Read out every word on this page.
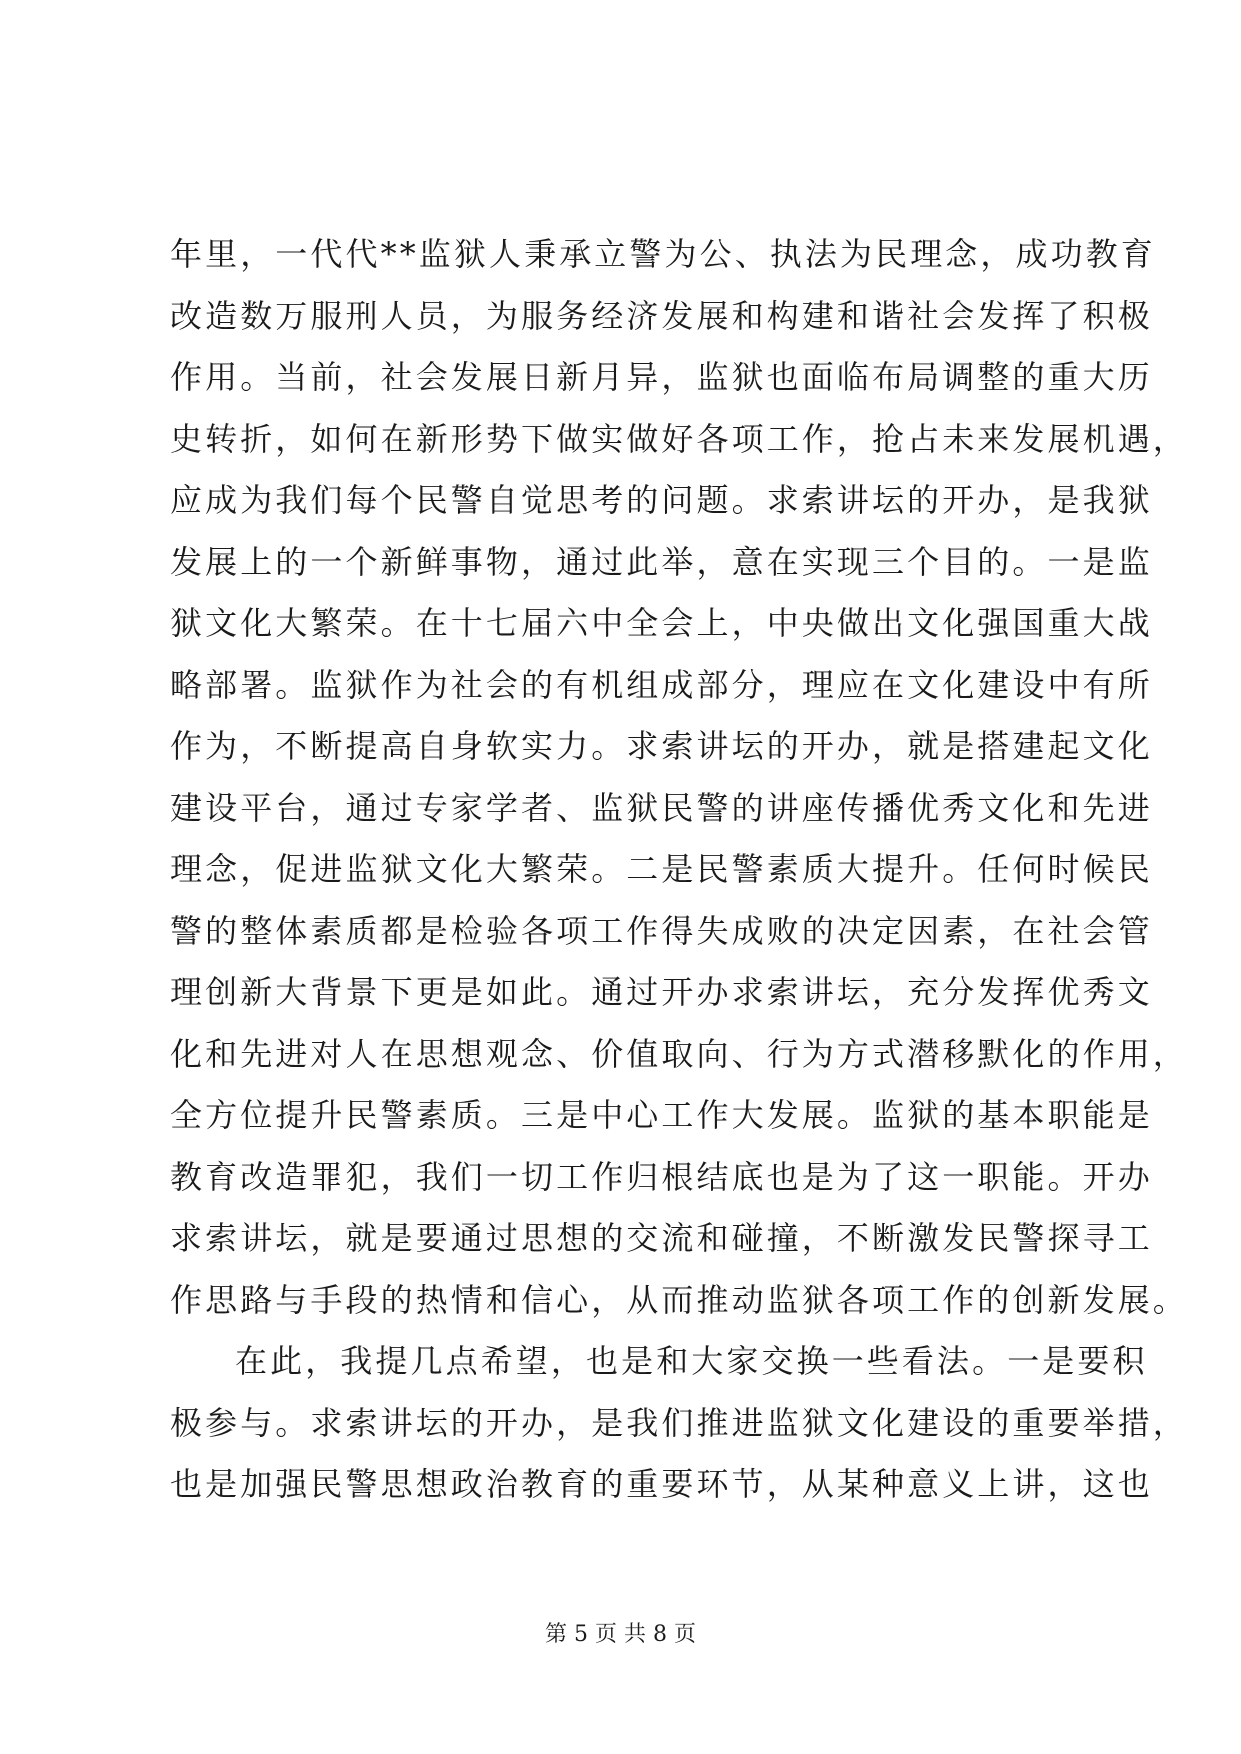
年里，一代代**监狱人秉承立警为公、执法为民理念，成功教育
改造数万服刑人员，为服务经济发展和构建和谐社会发挥了积极
作用。当前，社会发展日新月异，监狱也面临布局调整的重大历
史转折，如何在新形势下做实做好各项工作，抢占未来发展机遇，
应成为我们每个民警自觉思考的问题。求索讲坛的开办，是我狱
发展上的一个新鲜事物，通过此举，意在实现三个目的。一是监
狱文化大繁荣。在十七届六中全会上，中央做出文化强国重大战
略部署。监狱作为社会的有机组成部分，理应在文化建设中有所
作为，不断提高自身软实力。求索讲坛的开办，就是搭建起文化
建设平台，通过专家学者、监狱民警的讲座传播优秀文化和先进
理念，促进监狱文化大繁荣。二是民警素质大提升。任何时候民
警的整体素质都是检验各项工作得失成败的决定因素，在社会管
理创新大背景下更是如此。通过开办求索讲坛，充分发挥优秀文
化和先进对人在思想观念、价值取向、行为方式潜移默化的作用，
全方位提升民警素质。三是中心工作大发展。监狱的基本职能是
教育改造罪犯，我们一切工作归根结底也是为了这一职能。开办
求索讲坛，就是要通过思想的交流和碰撞，不断激发民警探寻工
作思路与手段的热情和信心，从而推动监狱各项工作的创新发展。
在此，我提几点希望，也是和大家交换一些看法。一是要积
极参与。求索讲坛的开办，是我们推进监狱文化建设的重要举措，
也是加强民警思想政治教育的重要环节，从某种意义上讲，这也
第 5 页 共 8 页
